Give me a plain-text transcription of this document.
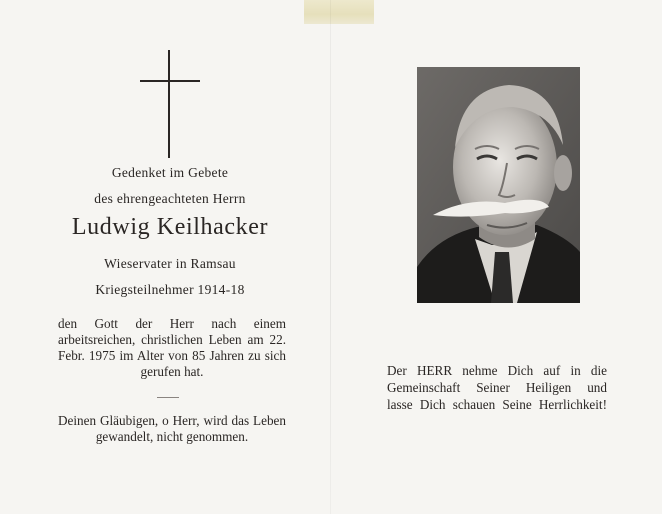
Gedenket im Gebete
des ehrengeachteten Herrn
Ludwig Keilhacker
Wieservater in Ramsau
Kriegsteilnehmer 1914-18
den Gott der Herr nach einem arbeitsreichen, christlichen Leben am 22. Febr. 1975 im Alter von 85 Jahren zu sich gerufen hat.
Deinen Gläubigen, o Herr, wird das Leben gewandelt, nicht genommen.
Der HERR nehme Dich auf in die
Gemeinschaft Seiner Heiligen und
lasse Dich schauen Seine Herrlichkeit!
